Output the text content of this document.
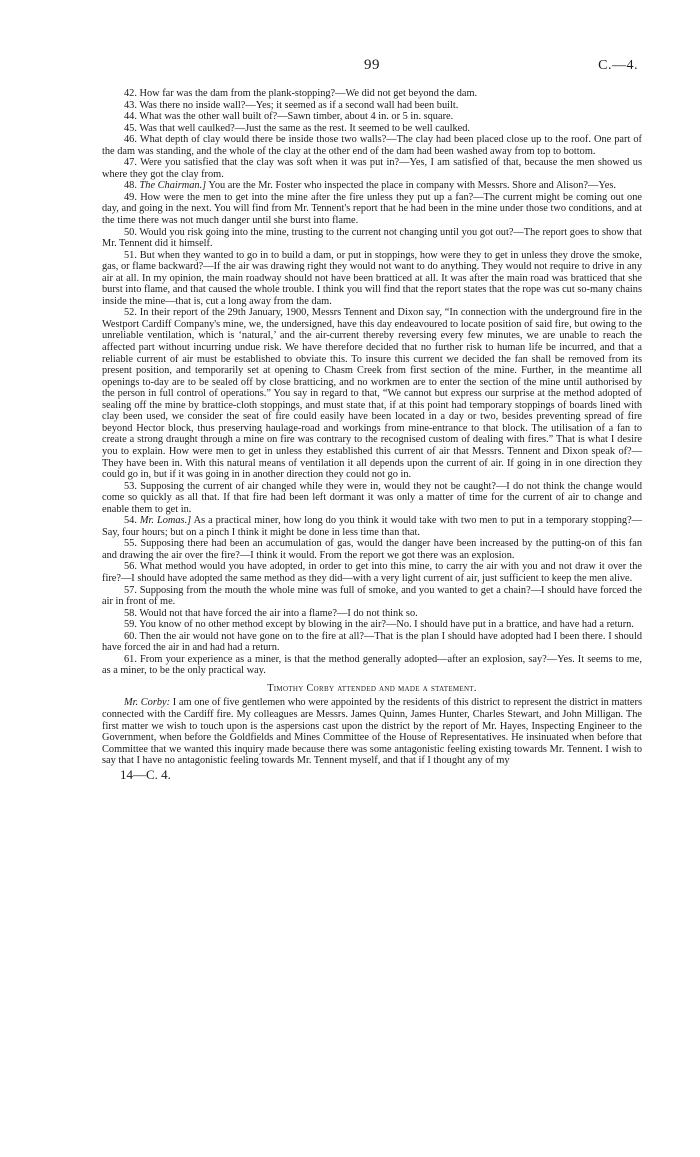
99	C.—4.

42. How far was the dam from the plank-stopping?—We did not get beyond the dam.

43. Was there no inside wall?—Yes; it seemed as if a second wall had been built.

44. What was the other wall built of?—Sawn timber, about 4 in. or 5 in. square.

45. Was that well caulked?—Just the same as the rest. It seemed to be well caulked.

46. What depth of clay would there be inside those two walls?—The clay had been placed close up to the roof. One part of the dam was standing, and the whole of the clay at the other end of the dam had been washed away from top to bottom.

47. Were you satisfied that the clay was soft when it was put in?—Yes, I am satisfied of that, because the men showed us where they got the clay from.

48. The Chairman.] You are the Mr. Foster who inspected the place in company with Messrs. Shore and Alison?—Yes.

49. How were the men to get into the mine after the fire unless they put up a fan?—The current might be coming out one day, and going in the next. You will find from Mr. Tennent's report that he had been in the mine under those two conditions, and at the time there was not much danger until she burst into flame.

50. Would you risk going into the mine, trusting to the current not changing until you got out?—The report goes to show that Mr. Tennent did it himself.

51. But when they wanted to go in to build a dam, or put in stoppings, how were they to get in unless they drove the smoke, gas, or flame backward?—If the air was drawing right they would not want to do anything. They would not require to drive in any air at all. In my opinion, the main roadway should not have been bratticed at all. It was after the main road was bratticed that she burst into flame, and that caused the whole trouble. I think you will find that the report states that the rope was cut so-many chains inside the mine—that is, cut a long away from the dam.

52. In their report of the 29th January, 1900, Messrs Tennent and Dixon say, “In connection with the underground fire in the Westport Cardiff Company's mine, we, the undersigned, have this day endeavoured to locate position of said fire, but owing to the unreliable ventilation, which is ‘natural,’ and the air-current thereby reversing every few minutes, we are unable to reach the affected part without incurring undue risk. We have therefore decided that no further risk to human life be incurred, and that a reliable current of air must be established to obviate this. To insure this current we decided the fan shall be removed from its present position, and temporarily set at opening to Chasm Creek from first section of the mine. Further, in the meantime all openings to-day are to be sealed off by close bratticing, and no workmen are to enter the section of the mine until authorised by the person in full control of operations.” You say in regard to that, “We cannot but express our surprise at the method adopted of sealing off the mine by brattice-cloth stoppings, and must state that, if at this point had temporary stoppings of boards lined with clay been used, we consider the seat of fire could easily have been located in a day or two, besides preventing spread of fire beyond Hector block, thus preserving haulage-road and workings from mine-entrance to that block. The utilisation of a fan to create a strong draught through a mine on fire was contrary to the recognised custom of dealing with fires.” That is what I desire you to explain. How were men to get in unless they established this current of air that Messrs. Tennent and Dixon speak of?—They have been in. With this natural means of ventilation it all depends upon the current of air. If going in in one direction they could go in, but if it was going in in another direction they could not go in.

53. Supposing the current of air changed while they were in, would they not be caught?—I do not think the change would come so quickly as all that. If that fire had been left dormant it was only a matter of time for the current of air to change and enable them to get in.

54. Mr. Lomas.] As a practical miner, how long do you think it would take with two men to put in a temporary stopping?—Say, four hours; but on a pinch I think it might be done in less time than that.

55. Supposing there had been an accumulation of gas, would the danger have been increased by the putting-on of this fan and drawing the air over the fire?—I think it would. From the report we got there was an explosion.

56. What method would you have adopted, in order to get into this mine, to carry the air with you and not draw it over the fire?—I should have adopted the same method as they did—with a very light current of air, just sufficient to keep the men alive.

57. Supposing from the mouth the whole mine was full of smoke, and you wanted to get a chain?—I should have forced the air in front of me.

58. Would not that have forced the air into a flame?—I do not think so.

59. You know of no other method except by blowing in the air?—No. I should have put in a brattice, and have had a return.

60. Then the air would not have gone on to the fire at all?—That is the plan I should have adopted had I been there. I should have forced the air in and had had a return.

61. From your experience as a miner, is that the method generally adopted—after an explosion, say?—Yes. It seems to me, as a miner, to be the only practical way.

Timothy Corby attended and made a statement.

Mr. Corby: I am one of five gentlemen who were appointed by the residents of this district to represent the district in matters connected with the Cardiff fire. My colleagues are Messrs. James Quinn, James Hunter, Charles Stewart, and John Milligan. The first matter we wish to touch upon is the aspersions cast upon the district by the report of Mr. Hayes, Inspecting Engineer to the Government, when before the Goldfields and Mines Committee of the House of Representatives. He insinuated when before that Committee that we wanted this inquiry made because there was some antagonistic feeling existing towards Mr. Tennent. I wish to say that I have no antagonistic feeling towards Mr. Tennent myself, and that if I thought any of my

14—C. 4.
